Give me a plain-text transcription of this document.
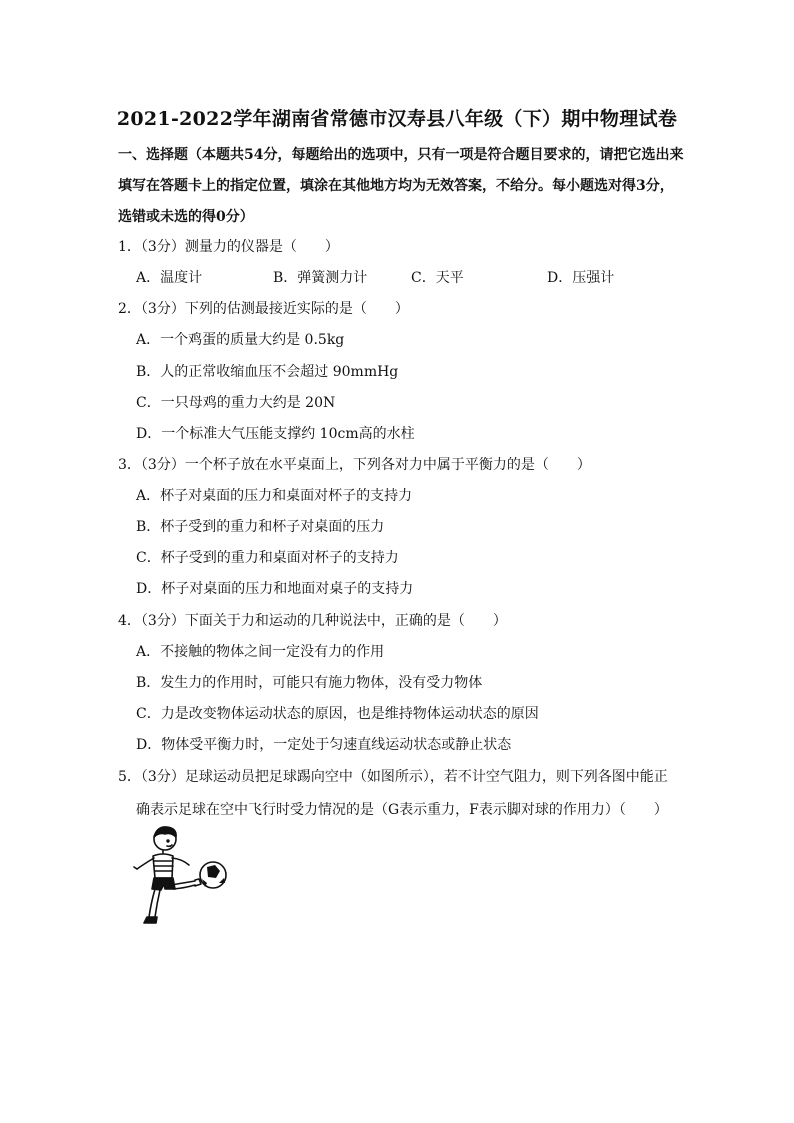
2021-2022学年湖南省常德市汉寿县八年级（下）期中物理试卷
一、选择题（本题共54分，每题给出的选项中，只有一项是符合题目要求的，请把它选出来填写在答题卡上的指定位置，填涂在其他地方均为无效答案，不给分。每小题选对得3分，选错或未选的得0分）
1．（3分）测量力的仪器是（　　）
A．温度计	B．弹簧测力计	C．天平	D．压强计
2．（3分）下列的估测最接近实际的是（　　）
A．一个鸡蛋的质量大约是 0.5kg
B．人的正常收缩血压不会超过 90mmHg
C．一只母鸡的重力大约是 20N
D．一个标准大气压能支撑约 10cm高的水柱
3．（3分）一个杯子放在水平桌面上，下列各对力中属于平衡力的是（　　）
A．杯子对桌面的压力和桌面对杯子的支持力
B．杯子受到的重力和杯子对桌面的压力
C．杯子受到的重力和桌面对杯子的支持力
D．杯子对桌面的压力和地面对桌子的支持力
4．（3分）下面关于力和运动的几种说法中，正确的是（　　）
A．不接触的物体之间一定没有力的作用
B．发生力的作用时，可能只有施力物体，没有受力物体
C．力是改变物体运动状态的原因，也是维持物体运动状态的原因
D．物体受平衡力时，一定处于匀速直线运动状态或静止状态
5．（3分）足球运动员把足球踢向空中（如图所示），若不计空气阻力，则下列各图中能正
确表示足球在空中飞行时受力情况的是（G表示重力，F表示脚对球的作用力）（　　）
